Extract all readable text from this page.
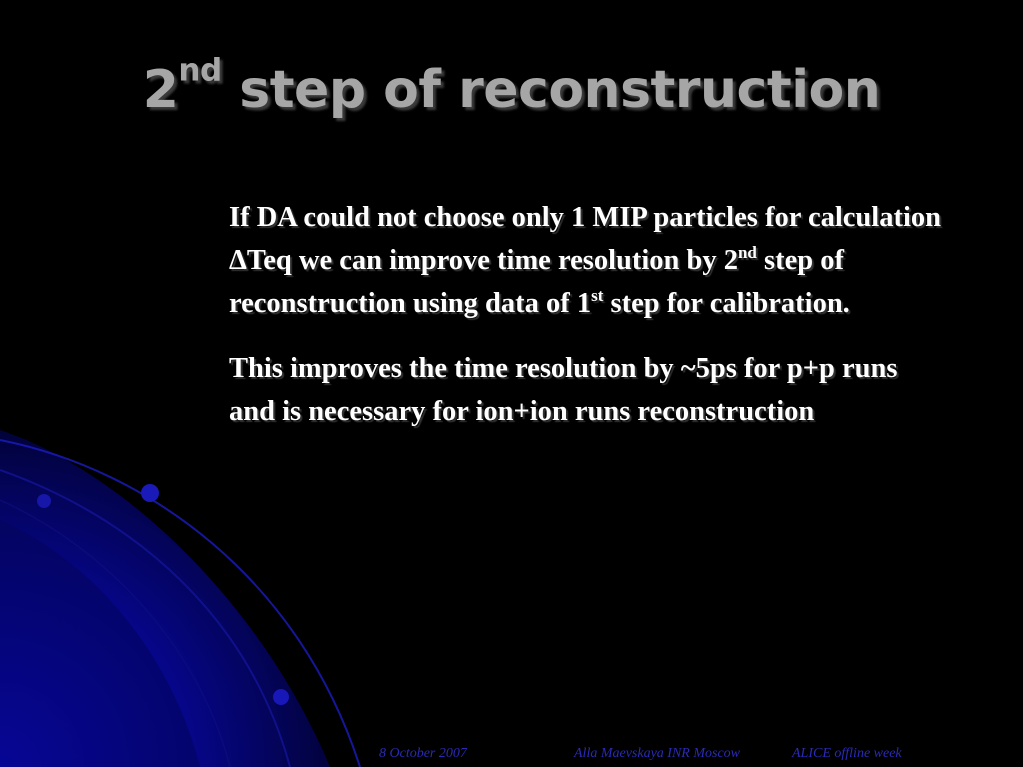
2nd step of reconstruction

If DA could not choose only 1 MIP particles for calculation ΔTeq we can improve time resolution by 2nd step of reconstruction using data of 1st step for calibration.

This improves the time resolution by ~5ps for p+p runs and is necessary for ion+ion runs reconstruction

8 October 2007	Alla Maevskaya INR Moscow	ALICE offline week
